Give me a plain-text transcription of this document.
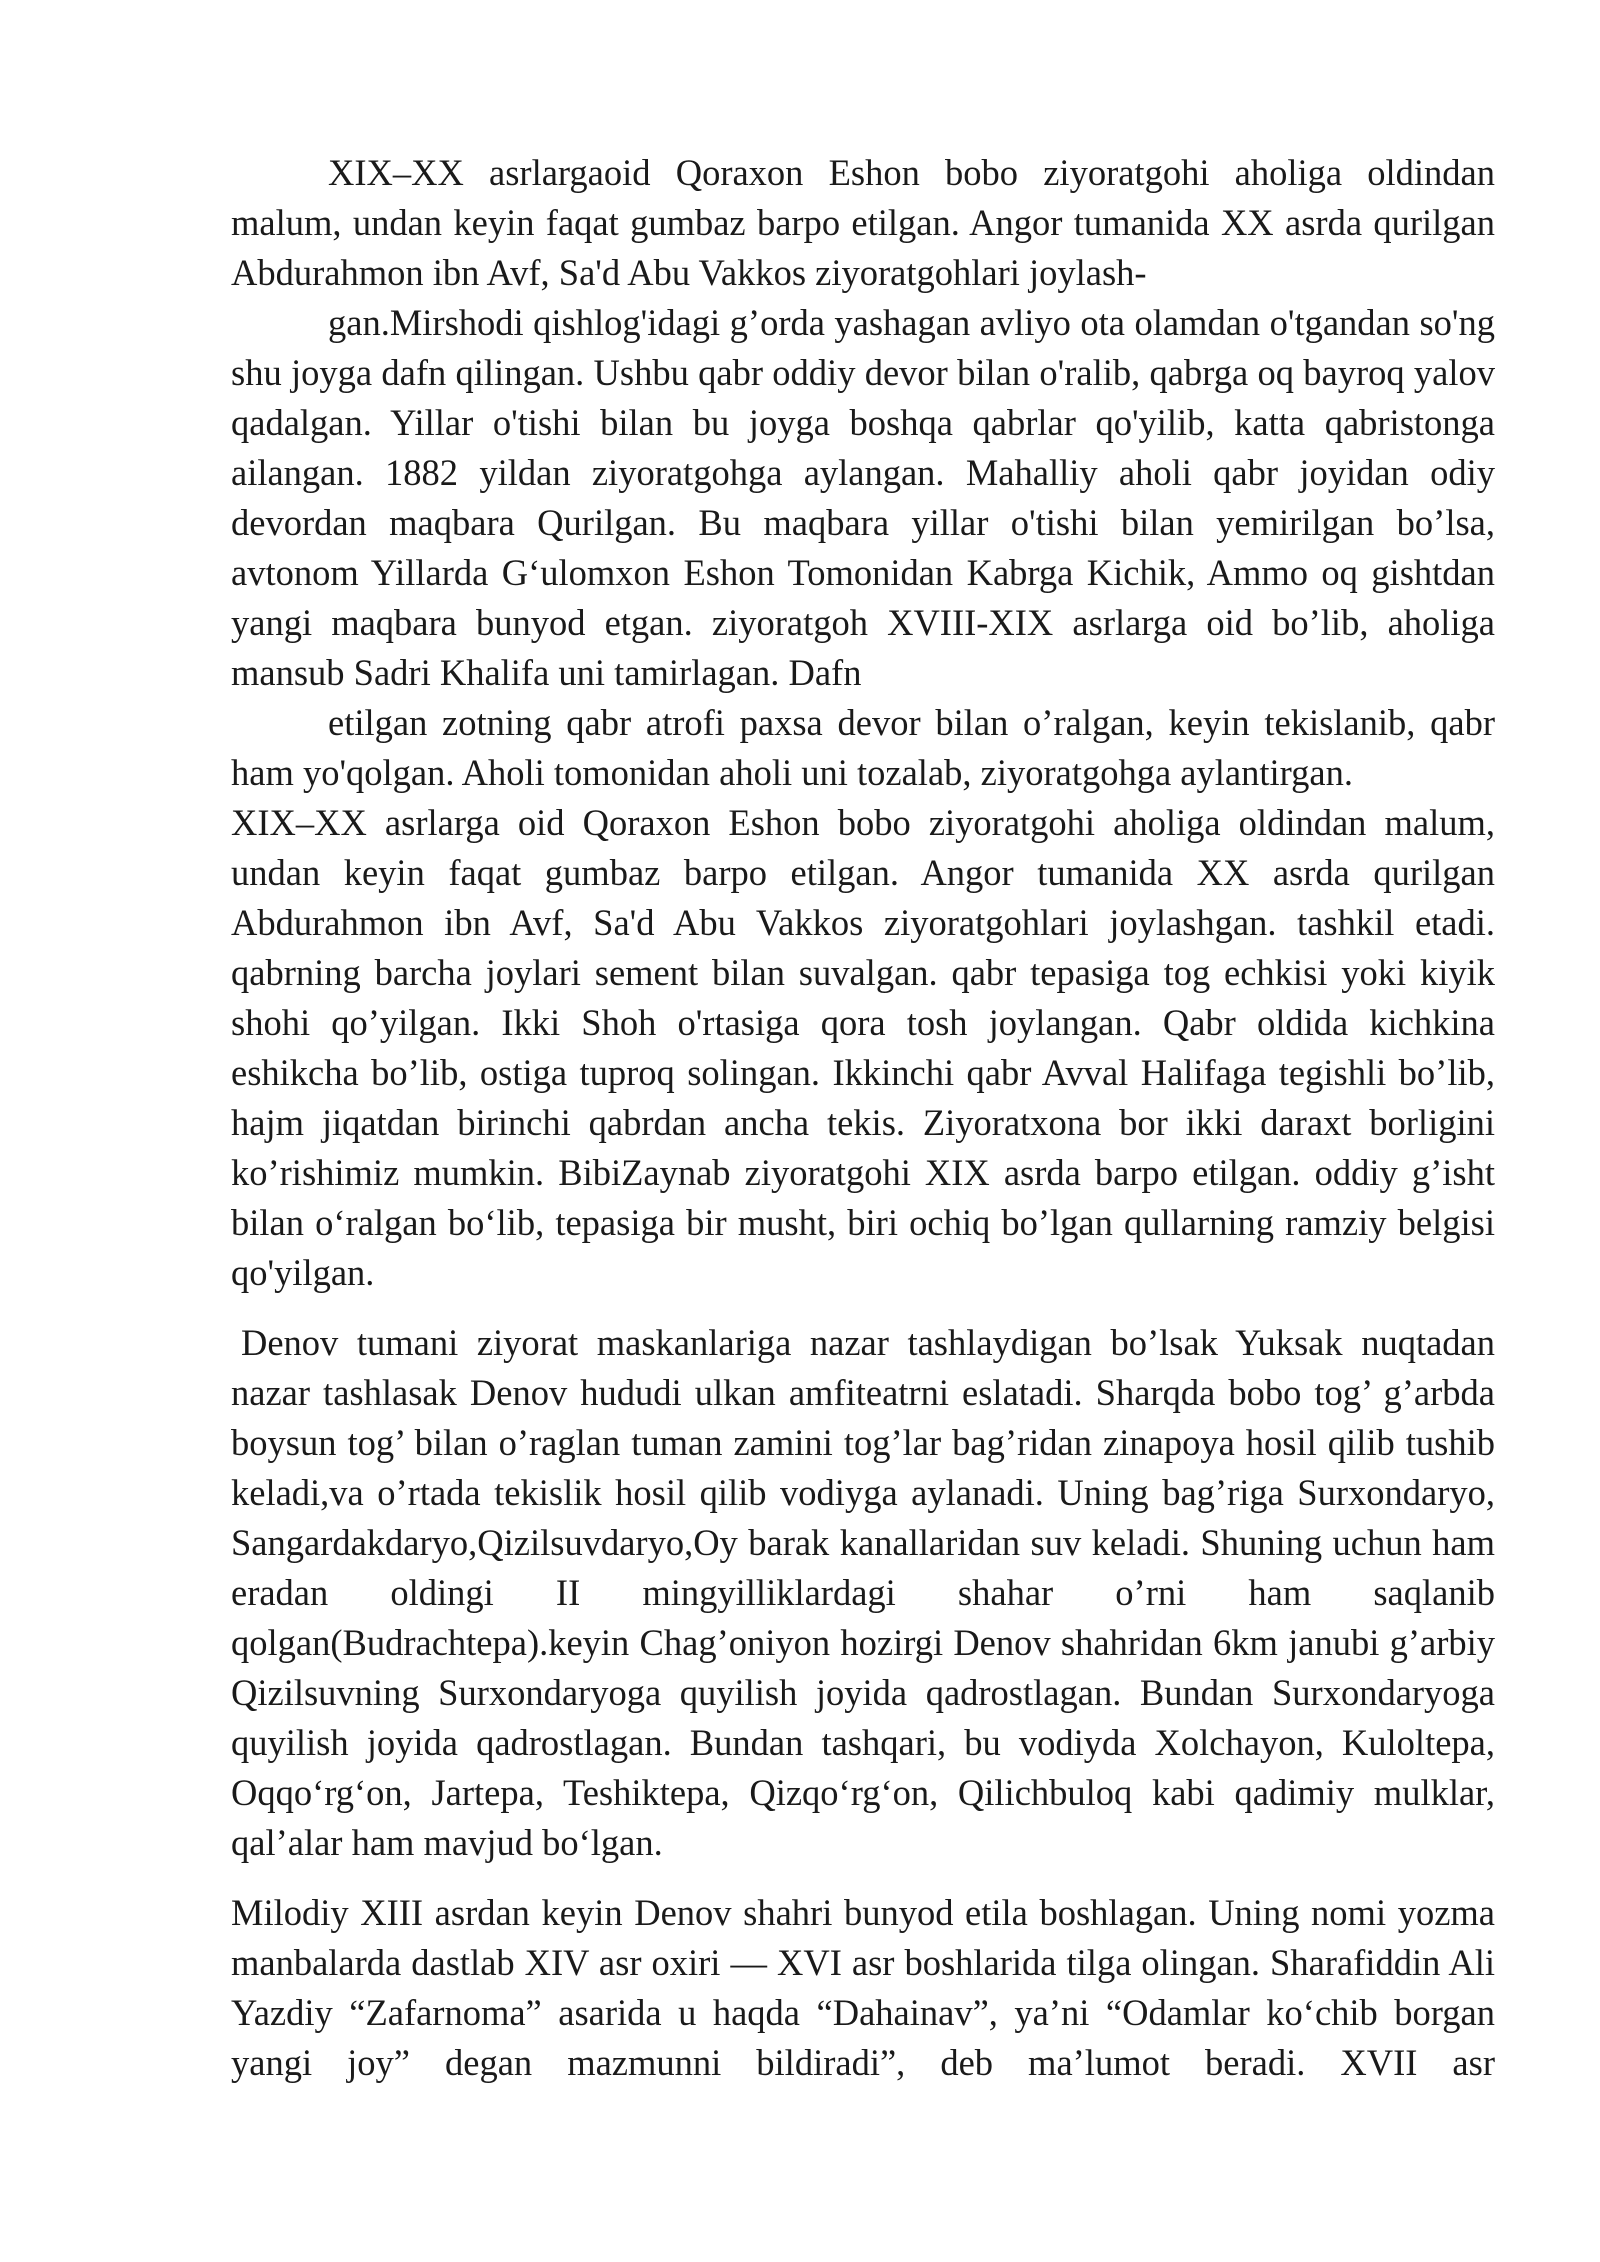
XIX–XX asrlargaoid Qoraxon Eshon bobo ziyoratgohi aholiga oldindan malum, undan keyin faqat gumbaz barpo etilgan. Angor tumanida XX asrda qurilgan Abdurahmon ibn Avf, Sa'd Abu Vakkos ziyoratgohlari joylash-

gan.Mirshodi qishlog'idagi g’orda yashagan avliyo ota olamdan o'tgandan so'ng shu joyga dafn qilingan. Ushbu qabr oddiy devor bilan o'ralib, qabrga oq bayroq yalov qadalgan. Yillar o'tishi bilan bu joyga boshqa qabrlar qo'yilib, katta qabristonga ailangan. 1882 yildan ziyoratgohga aylangan. Mahalliy aholi qabr joyidan odiy devordan maqbara Qurilgan. Bu maqbara yillar o'tishi bilan yemirilgan bo’lsa, avtonom Yillarda G‘ulomxon Eshon Tomonidan Kabrga Kichik, Ammo oq gishtdan yangi maqbara bunyod etgan. ziyoratgoh XVIII-XIX asrlarga oid bo’lib, aholiga mansub Sadri Khalifa uni tamirlagan. Dafn

etilgan zotning qabr atrofi paxsa devor bilan o’ralgan, keyin tekislanib, qabr ham yo'qolgan. Aholi tomonidan aholi uni tozalab, ziyoratgohga aylantirgan.

XIX–XX asrlarga oid Qoraxon Eshon bobo ziyoratgohi aholiga oldindan malum, undan keyin faqat gumbaz barpo etilgan. Angor tumanida XX asrda qurilgan Abdurahmon ibn Avf, Sa'd Abu Vakkos ziyoratgohlari joylashgan. tashkil etadi. qabrning barcha joylari sement bilan suvalgan. qabr tepasiga tog echkisi yoki kiyik shohi qo’yilgan. Ikki Shoh o'rtasiga qora tosh joylangan. Qabr oldida kichkina eshikcha bo’lib, ostiga tuproq solingan. Ikkinchi qabr Avval Halifaga tegishli bo’lib, hajm jiqatdan birinchi qabrdan ancha tekis. Ziyoratxona bor ikki daraxt borligini ko’rishimiz mumkin. BibiZaynab ziyoratgohi XIX asrda barpo etilgan. oddiy g’isht bilan o‘ralgan bo‘lib, tepasiga bir musht, biri ochiq bo’lgan qullarning ramziy belgisi qo'yilgan.

Denov tumani ziyorat maskanlariga nazar tashlaydigan bo’lsak Yuksak nuqtadan nazar tashlasak Denov hududi ulkan amfiteatrni eslatadi. Sharqda bobo tog’ g’arbda boysun tog’ bilan o’raglan tuman zamini tog’lar bag’ridan zinapoya hosil qilib tushib keladi,va o’rtada tekislik hosil qilib vodiyga aylanadi. Uning bag’riga Surxondaryo, Sangardakdaryo,Qizilsuvdaryo,Oy barak kanallaridan suv keladi. Shuning uchun ham eradan oldingi II mingyilliklardagi shahar o’rni ham saqlanib qolgan(Budrachtepa).keyin Chag’oniyon hozirgi Denov shahridan 6km janubi g’arbiy Qizilsuvning Surxondaryoga quyilish joyida qadrostlagan. Bundan Surxondaryoga quyilish joyida qadrostlagan. Bundan tashqari, bu vodiyda Xolchayon, Kuloltepa, Oqqo‘rg‘on, Jartepa, Teshiktepa, Qizqo‘rg‘on, Qilichbuloq kabi qadimiy mulklar, qal’alar ham mavjud bo‘lgan.

Milodiy XIII asrdan keyin Denov shahri bunyod etila boshlagan. Uning nomi yozma manbalarda dastlab XIV asr oxiri — XVI asr boshlarida tilga olingan. Sharafiddin Ali Yazdiy “Zafarnoma” asarida u haqda “Dahainav”, ya’ni “Odamlar ko‘chib borgan yangi joy” degan mazmunni bildiradi”, deb ma’lumot beradi. XVII asr
